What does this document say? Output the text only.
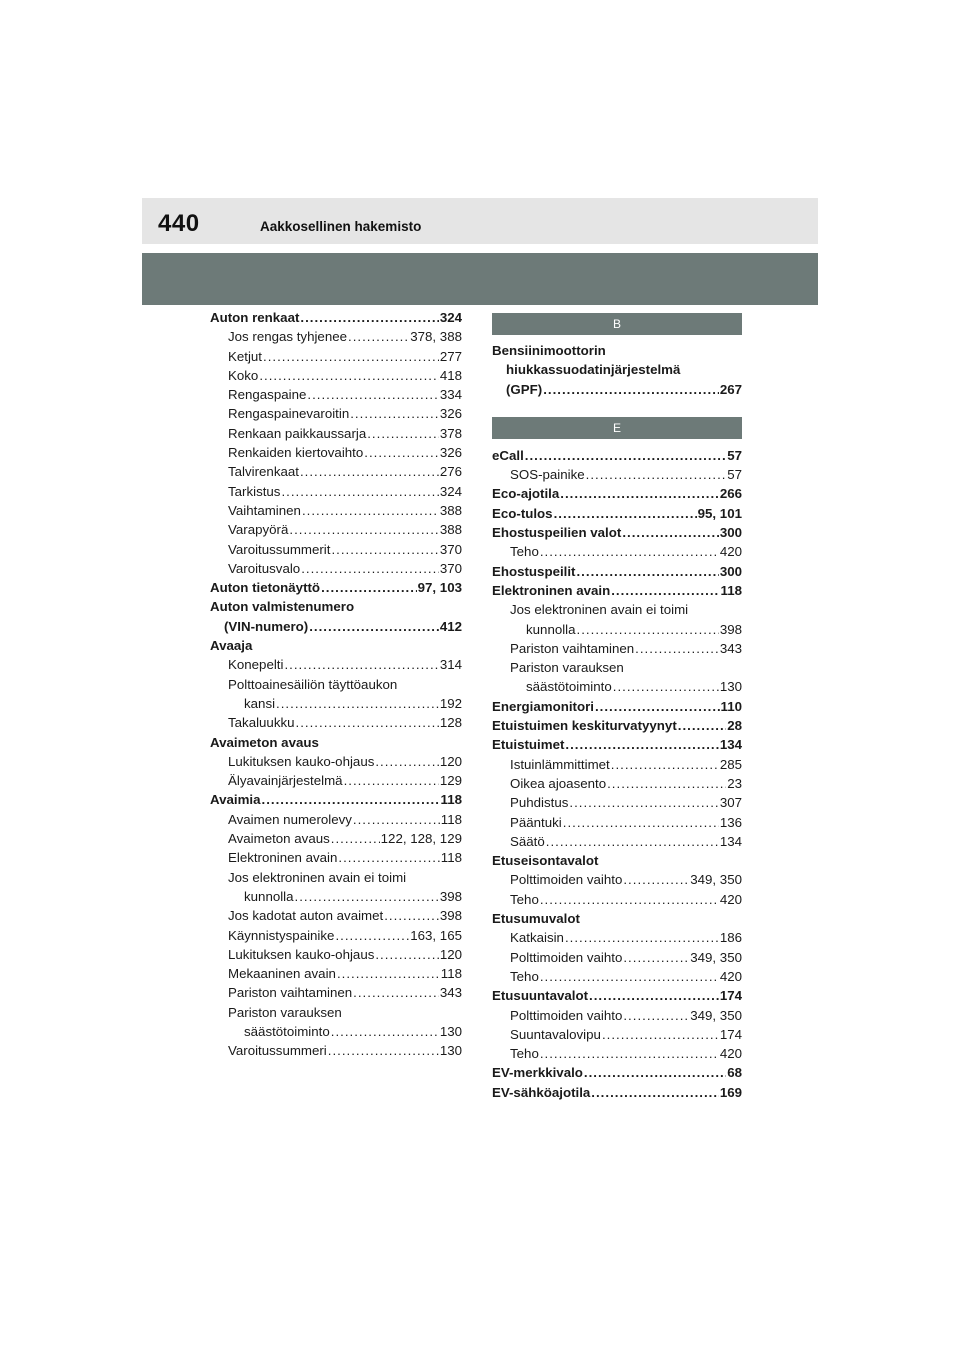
440	Aakkosellinen hakemisto
Auton renkaat .....	324
Jos rengas tyhjenee .....	378, 388
Ketjut .....	277
Koko .....	418
Rengaspaine .....	334
Rengaspainevaroitin .....	326
Renkaan paikkaussarja .....	378
Renkaiden kiertovaihto .....	326
Talvirenkaat .....	276
Tarkistus .....	324
Vaihtaminen .....	388
Varapyörä .....	388
Varoitussummerit .....	370
Varoitusvalo .....	370
Auton tietonäyttö .....	97, 103
Auton valmistenumero
(VIN-numero) .....	412
Avaaja
Konepelti .....	314
Polttoainesäiliön täyttöaukon
kansi .....	192
Takaluukku .....	128
Avaimeton avaus
Lukituksen kauko-ohjaus .....	120
Älyavainjärjestelmä .....	129
Avaimia .....	118
Avaimen numerolevy .....	118
Avaimeton avaus .....	122, 128, 129
Elektroninen avain .....	118
Jos elektroninen avain ei toimi
kunnolla .....	398
Jos kadotat auton avaimet .....	398
Käynnistyspainike .....	163, 165
Lukituksen kauko-ohjaus .....	120
Mekaaninen avain .....	118
Pariston vaihtaminen .....	343
Pariston varauksen
säästötoiminto .....	130
Varoitussummeri .....	130
B
Bensiinimoottorin
hiukkassuodatinjärjestelmä
(GPF) .....	267
E
eCall .....	57
SOS-painike .....	57
Eco-ajotila .....	266
Eco-tulos .....	95, 101
Ehostuspeilien valot .....	300
Teho .....	420
Ehostuspeilit .....	300
Elektroninen avain .....	118
Jos elektroninen avain ei toimi
kunnolla .....	398
Pariston vaihtaminen .....	343
Pariston varauksen
säästötoiminto .....	130
Energiamonitori .....	110
Etuistuimen keskiturvatyynyt .....	28
Etuistuimet .....	134
Istuinlämmittimet .....	285
Oikea ajoasento .....	23
Puhdistus .....	307
Pääntuki .....	136
Säätö .....	134
Etuseisontavalot
Polttimoiden vaihto .....	349, 350
Teho .....	420
Etusumuvalot
Katkaisin .....	186
Polttimoiden vaihto .....	349, 350
Teho .....	420
Etusuuntavalot .....	174
Polttimoiden vaihto .....	349, 350
Suuntavalovipu .....	174
Teho .....	420
EV-merkkivalo .....	68
EV-sähköajotila .....	169
